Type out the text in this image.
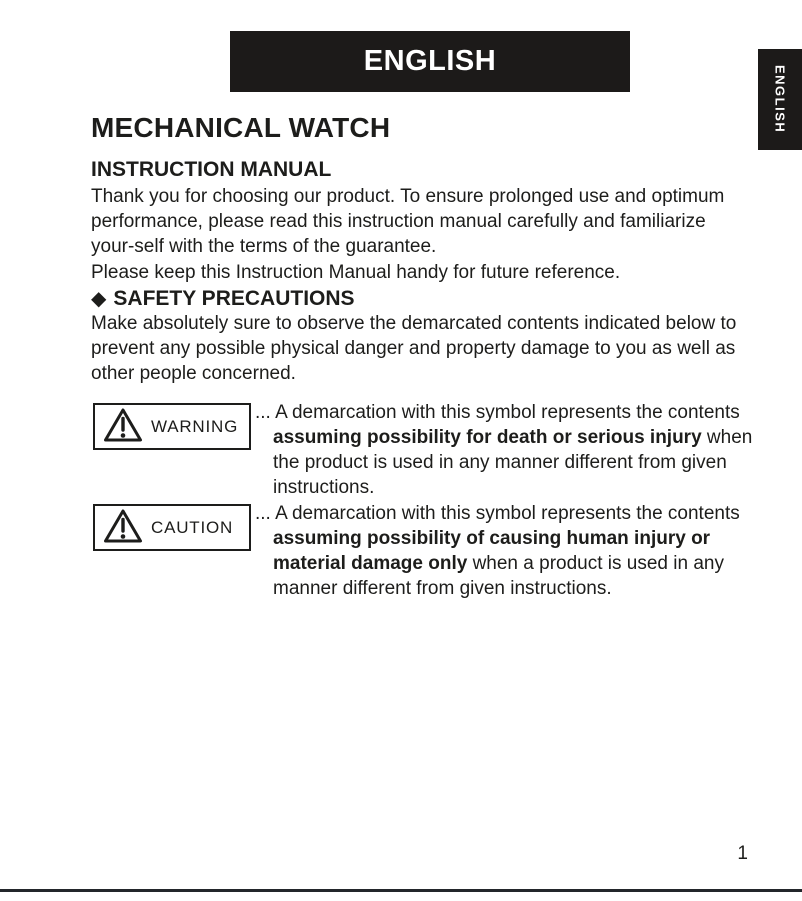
ENGLISH
ENGLISH
MECHANICAL WATCH
INSTRUCTION MANUAL

Thank you for choosing our product. To ensure prolonged use and optimum performance, please read this instruction manual carefully and familiarize your-self with the terms of the guarantee.

Please keep this Instruction Manual handy for future reference.

◆ SAFETY PRECAUTIONS

Make absolutely sure to observe the demarcated contents indicated below to prevent any possible physical danger and property damage to you as well as other people concerned.

WARNING

... A demarcation with this symbol represents the contents assuming possibility for death or serious injury when the product is used in any manner different from given instructions.

CAUTION

... A demarcation with this symbol represents the contents assuming possibility of causing human injury or material damage only when a product is used in any manner different from given instructions.

1
